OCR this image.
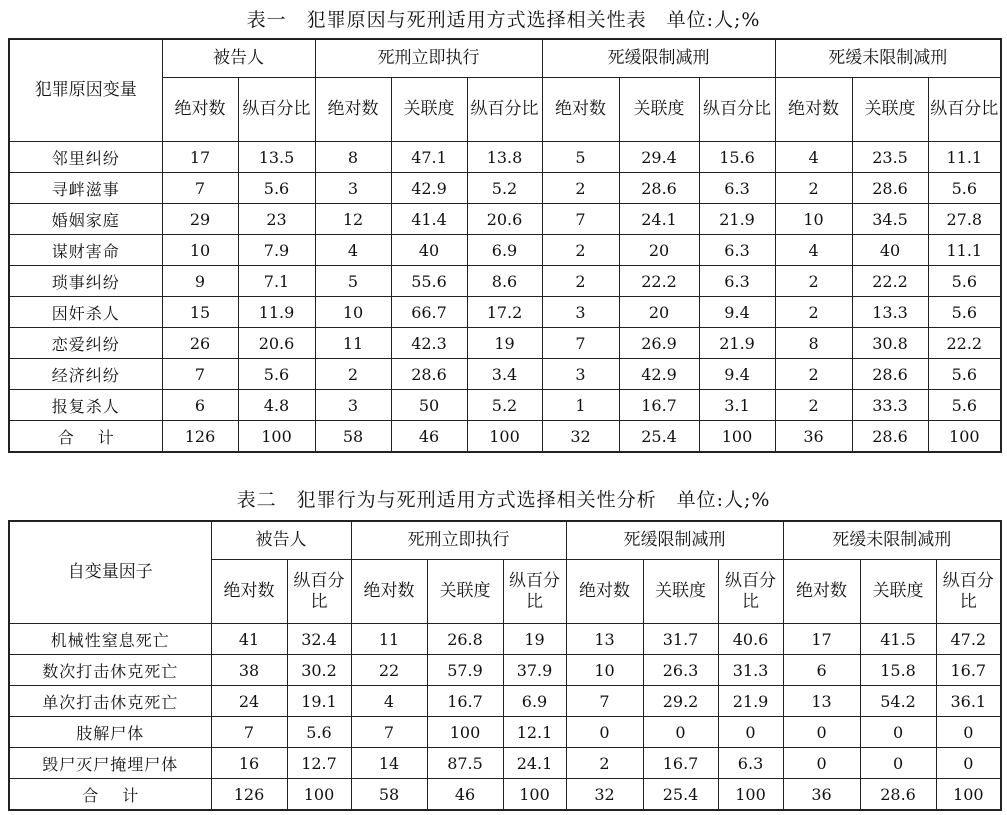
表一　犯罪原因与死刑适用方式选择相关性表　单位:人;%
犯罪原因变量	被告人		死刑立即执行			死缓限制减刑			死缓未限制减刑		
	绝对数	纵百分比	绝对数	关联度	纵百分比	绝对数	关联度	纵百分比	绝对数	关联度	纵百分比
邻里纠纷	17	13.5	8	47.1	13.8	5	29.4	15.6	4	23.5	11.1
寻衅滋事	7	5.6	3	42.9	5.2	2	28.6	6.3	2	28.6	5.6
婚姻家庭	29	23	12	41.4	20.6	7	24.1	21.9	10	34.5	27.8
谋财害命	10	7.9	4	40	6.9	2	20	6.3	4	40	11.1
琐事纠纷	9	7.1	5	55.6	8.6	2	22.2	6.3	2	22.2	5.6
因奸杀人	15	11.9	10	66.7	17.2	3	20	9.4	2	13.3	5.6
恋爱纠纷	26	20.6	11	42.3	19	7	26.9	21.9	8	30.8	22.2
经济纠纷	7	5.6	2	28.6	3.4	3	42.9	9.4	2	28.6	5.6
报复杀人	6	4.8	3	50	5.2	1	16.7	3.1	2	33.3	5.6
合计	126	100	58	46	100	32	25.4	100	36	28.6	100
表二　犯罪行为与死刑适用方式选择相关性分析　单位:人;%
自变量因子	被告人		死刑立即执行			死缓限制减刑			死缓未限制减刑		
	绝对数	纵百分比	绝对数	关联度	纵百分比	绝对数	关联度	纵百分比	绝对数	关联度	纵百分比
机械性窒息死亡	41	32.4	11	26.8	19	13	31.7	40.6	17	41.5	47.2
数次打击休克死亡	38	30.2	22	57.9	37.9	10	26.3	31.3	6	15.8	16.7
单次打击休克死亡	24	19.1	4	16.7	6.9	7	29.2	21.9	13	54.2	36.1
肢解尸体	7	5.6	7	100	12.1	0	0	0	0	0	0
毁尸灭尸掩埋尸体	16	12.7	14	87.5	24.1	2	16.7	6.3	0	0	0
合计	126	100	58	46	100	32	25.4	100	36	28.6	100
